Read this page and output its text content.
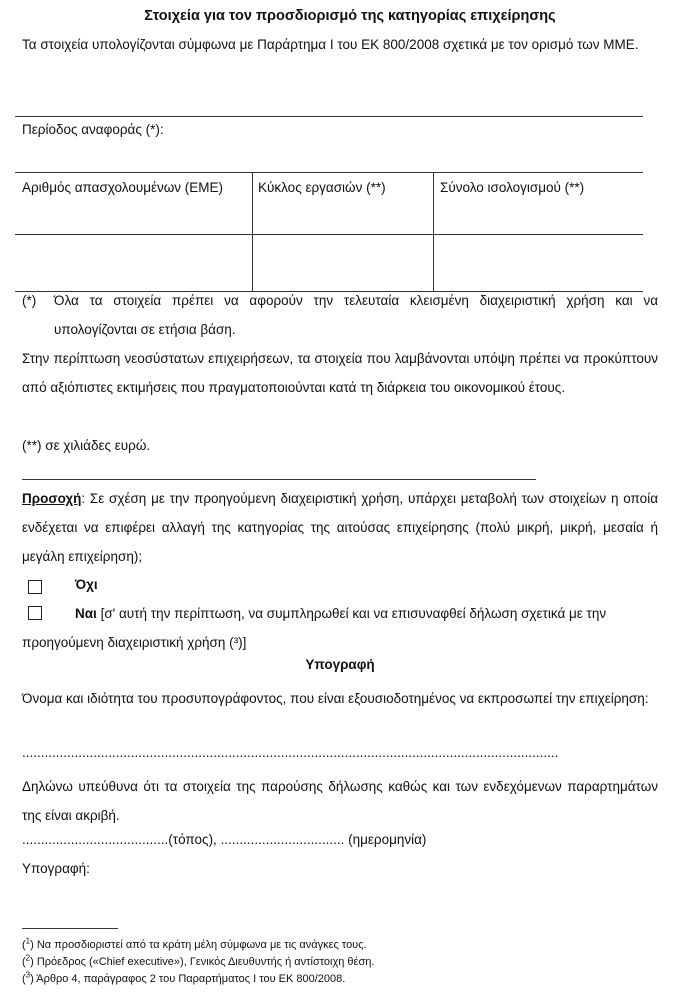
Στοιχεία για τον προσδιορισμό της κατηγορίας επιχείρησης
Τα στοιχεία υπολογίζονται σύμφωνα με Παράρτημα Ι του ΕΚ 800/2008 σχετικά με τον ορισμό των ΜΜΕ.
Περίοδος αναφοράς (*):
Αριθμός απασχολουμένων (ΕΜΕ)	Κύκλος εργασιών (**)	Σύνολο ισολογισμού (**)
(*) Όλα τα στοιχεία πρέπει να αφορούν την τελευταία κλεισμένη διαχειριστική χρήση και να υπολογίζονται σε ετήσια βάση.
Στην περίπτωση νεοσύστατων επιχειρήσεων, τα στοιχεία που λαμβάνονται υπόψη πρέπει να προκύπτουν από αξιόπιστες εκτιμήσεις που πραγματοποιούνται κατά τη διάρκεια του οικονομικού έτους.
(**) σε χιλιάδες ευρώ.
Προσοχή: Σε σχέση με την προηγούμενη διαχειριστική χρήση, υπάρχει μεταβολή των στοιχείων η οποία ενδέχεται να επιφέρει αλλαγή της κατηγορίας της αιτούσας επιχείρησης (πολύ μικρή, μικρή, μεσαία ή μεγάλη επιχείρηση);
Όχι
Ναι [σ' αυτή την περίπτωση, να συμπληρωθεί και να επισυναφθεί δήλωση σχετικά με την προηγούμενη διαχειριστική χρήση (³)]
Υπογραφή
Όνομα και ιδιότητα του προσυπογράφοντος, που είναι εξουσιοδοτημένος να εκπροσωπεί την επιχείρηση:
...............................................................................................................................................
Δηλώνω υπεύθυνα ότι τα στοιχεία της παρούσης δήλωσης καθώς και των ενδεχόμενων παραρτημάτων της είναι ακριβή.
.......................................(τόπος), ................................. (ημερομηνία)
Υπογραφή:
($^1$) Να προσδιοριστεί από τα κράτη μέλη σύμφωνα με τις ανάγκες τους.
($^2$) Πρόεδρος («Chief executive»), Γενικός Διευθυντής ή αντίστοιχη θέση.
($^3$) Άρθρο 4, παράγραφος 2 του Παραρτήματος Ι του ΕΚ 800/2008.
